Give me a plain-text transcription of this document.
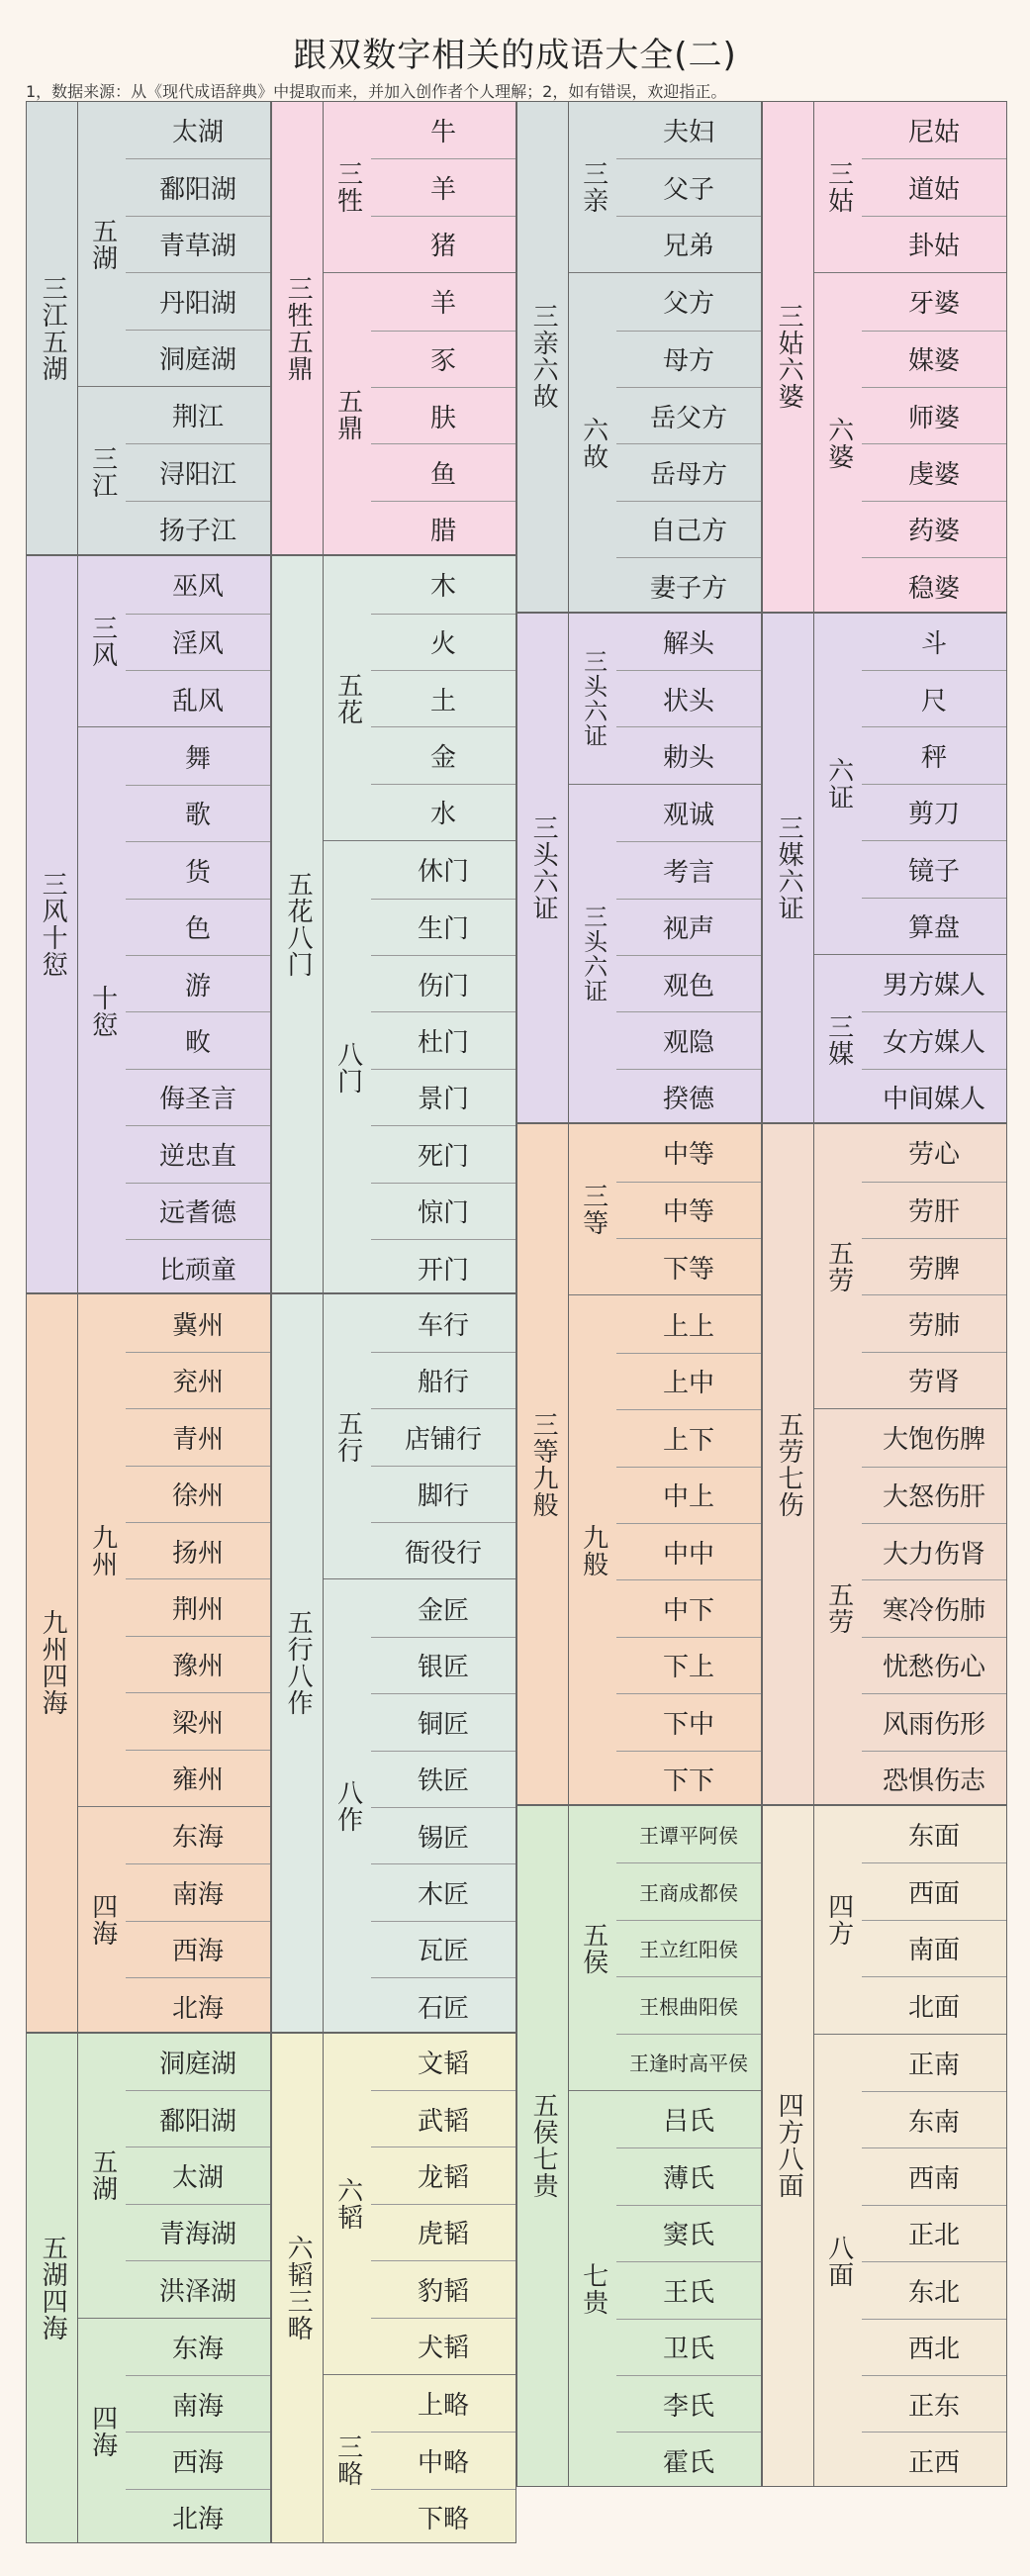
跟双数字相关的成语大全(二)
1，数据来源：从《现代成语辞典》中提取而来，并加入创作者个人理解；2，如有错误，欢迎指正。
三江五湖
五湖
太湖
鄱阳湖
青草湖
丹阳湖
洞庭湖
三江
荆江
浔阳江
扬子江
三风十愆
三风
巫风
淫风
乱风
十愆
舞
歌
货
色
游
畋
侮圣言
逆忠直
远耆德
比顽童
九州四海
九州
冀州
兖州
青州
徐州
扬州
荆州
豫州
梁州
雍州
四海
东海
南海
西海
北海
五湖四海
五湖
洞庭湖
鄱阳湖
太湖
青海湖
洪泽湖
四海
东海
南海
西海
北海
三牲五鼎
三牲
牛
羊
猪
五鼎
羊
豕
肤
鱼
腊
五花八门
五花
木
火
土
金
水
八门
休门
生门
伤门
杜门
景门
死门
惊门
开门
五行八作
五行
车行
船行
店铺行
脚行
衙役行
八作
金匠
银匠
铜匠
铁匠
锡匠
木匠
瓦匠
石匠
六韬三略
六韬
文韬
武韬
龙韬
虎韬
豹韬
犬韬
三略
上略
中略
下略
三亲六故
三亲
夫妇
父子
兄弟
六故
父方
母方
岳父方
岳母方
自己方
妻子方
三头六证
三头六证
解头
状头
勅头
三头六证
观诚
考言
视声
观色
观隐
揆德
三等九般
三等
中等
中等
下等
九般
上上
上中
上下
中上
中中
中下
下上
下中
下下
五侯七贵
五侯
王谭平阿侯
王商成都侯
王立红阳侯
王根曲阳侯
王逢时高平侯
七贵
吕氏
薄氏
窦氏
王氏
卫氏
李氏
霍氏
三姑六婆
三姑
尼姑
道姑
卦姑
六婆
牙婆
媒婆
师婆
虔婆
药婆
稳婆
三媒六证
六证
斗
尺
秤
剪刀
镜子
算盘
三媒
男方媒人
女方媒人
中间媒人
五劳七伤
五劳
劳心
劳肝
劳脾
劳肺
劳肾
五劳
大饱伤脾
大怒伤肝
大力伤肾
寒冷伤肺
忧愁伤心
风雨伤形
恐惧伤志
四方八面
四方
东面
西面
南面
北面
八面
正南
东南
西南
正北
东北
西北
正东
正西
